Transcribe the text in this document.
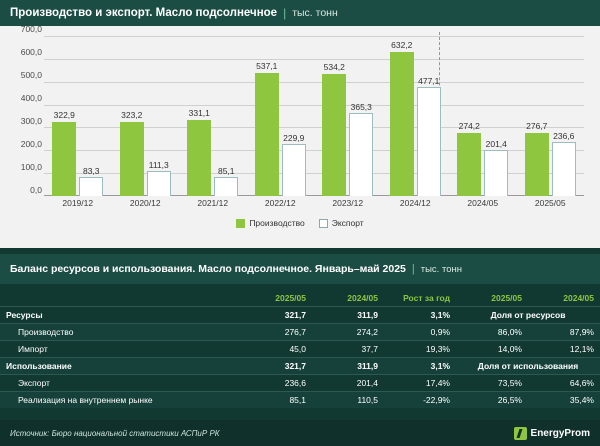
Производство и экспорт. Масло подсолнечное | тыс. тонн
0,0
100,0
200,0
300,0
400,0
500,0
600,0
700,0
322,9
83,3
323,2
111,3
331,1
85,1
537,1
229,9
534,2
365,3
632,2
477,1
274,2
201,4
276,7
236,6
2019/12	2020/12	2021/12	2022/12	2023/12	2024/12	2024/05	2025/05
Производство	Экспорт
Баланс ресурсов и использования. Масло подсолнечное. Январь–май 2025 | тыс. тонн
	2025/05	2024/05	Рост за год	2025/05	2024/05
Ресурсы	321,7	311,9	3,1%	Доля от ресурсов	
Производство	276,7	274,2	0,9%	86,0%	87,9%
Импорт	45,0	37,7	19,3%	14,0%	12,1%
Использование	321,7	311,9	3,1%	Доля от использования	
Экспорт	236,6	201,4	17,4%	73,5%	64,6%
Реализация на внутреннем рынке	85,1	110,5	-22,9%	26,5%	35,4%
Источник: Бюро национальной статистики АСПиР РК	EnergyProm
